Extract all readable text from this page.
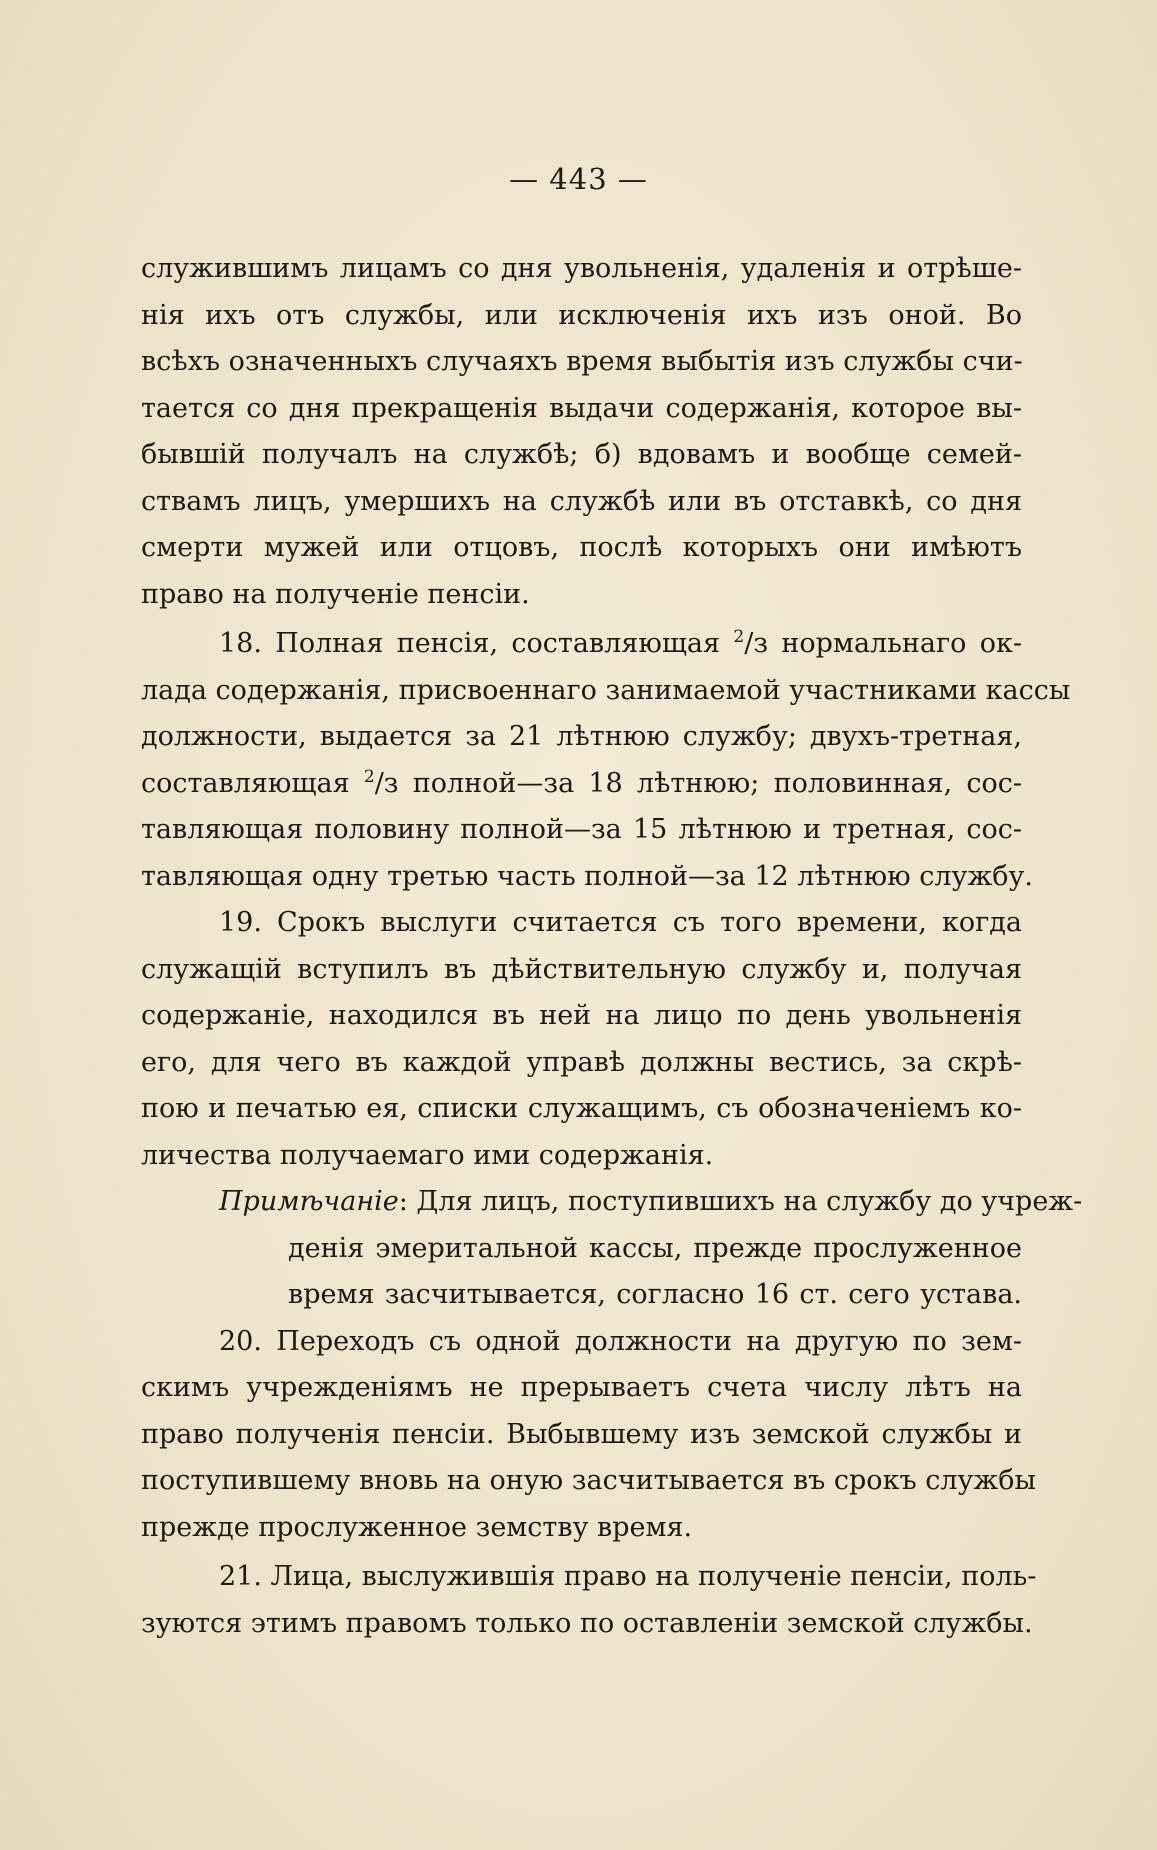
— 443 —
служившимъ лицамъ со дня увольненія, удаленія и отрѣше-
нія ихъ отъ службы, или исключенія ихъ изъ оной. Во
всѣхъ означенныхъ случаяхъ время выбытія изъ службы счи-
тается со дня прекращенія выдачи содержанія, которое вы-
бывшій получалъ на службѣ; б) вдовамъ и вообще семей-
ствамъ лицъ, умершихъ на службѣ или въ отставкѣ, со дня
смерти мужей или отцовъ, послѣ которыхъ они имѣютъ
право на полученіе пенсіи.
18. Полная пенсія, составляющая $^2$/з нормальнаго ок-
лада содержанія, присвоеннаго занимаемой участниками кассы
должности, выдается за 21 лѣтнюю службу; двухъ-третная,
составляющая $^2$/з полной—за 18 лѣтнюю; половинная, сос-
тавляющая половину полной—за 15 лѣтнюю и третная, сос-
тавляющая одну третью часть полной—за 12 лѣтнюю службу.
19. Срокъ выслуги считается съ того времени, когда
служащій вступилъ въ дѣйствительную службу и, получая
содержаніе, находился въ ней на лицо по день увольненія
его, для чего въ каждой управѣ должны вестись, за скрѣ-
пою и печатью ея, списки служащимъ, съ обозначеніемъ ко-
личества получаемаго ими содержанія.
Примѣчаніе: Для лицъ, поступившихъ на службу до учреж-
денія эмеритальной кассы, прежде прослуженное
время засчитывается, согласно 16 ст. сего устава.
20. Переходъ съ одной должности на другую по зем-
скимъ учрежденіямъ не прерываетъ счета числу лѣтъ на
право полученія пенсіи. Выбывшему изъ земской службы и
поступившему вновь на оную засчитывается въ срокъ службы
прежде прослуженное земству время.
21. Лица, выслужившія право на полученіе пенсіи, поль-
зуются этимъ правомъ только по оставленіи земской службы.
